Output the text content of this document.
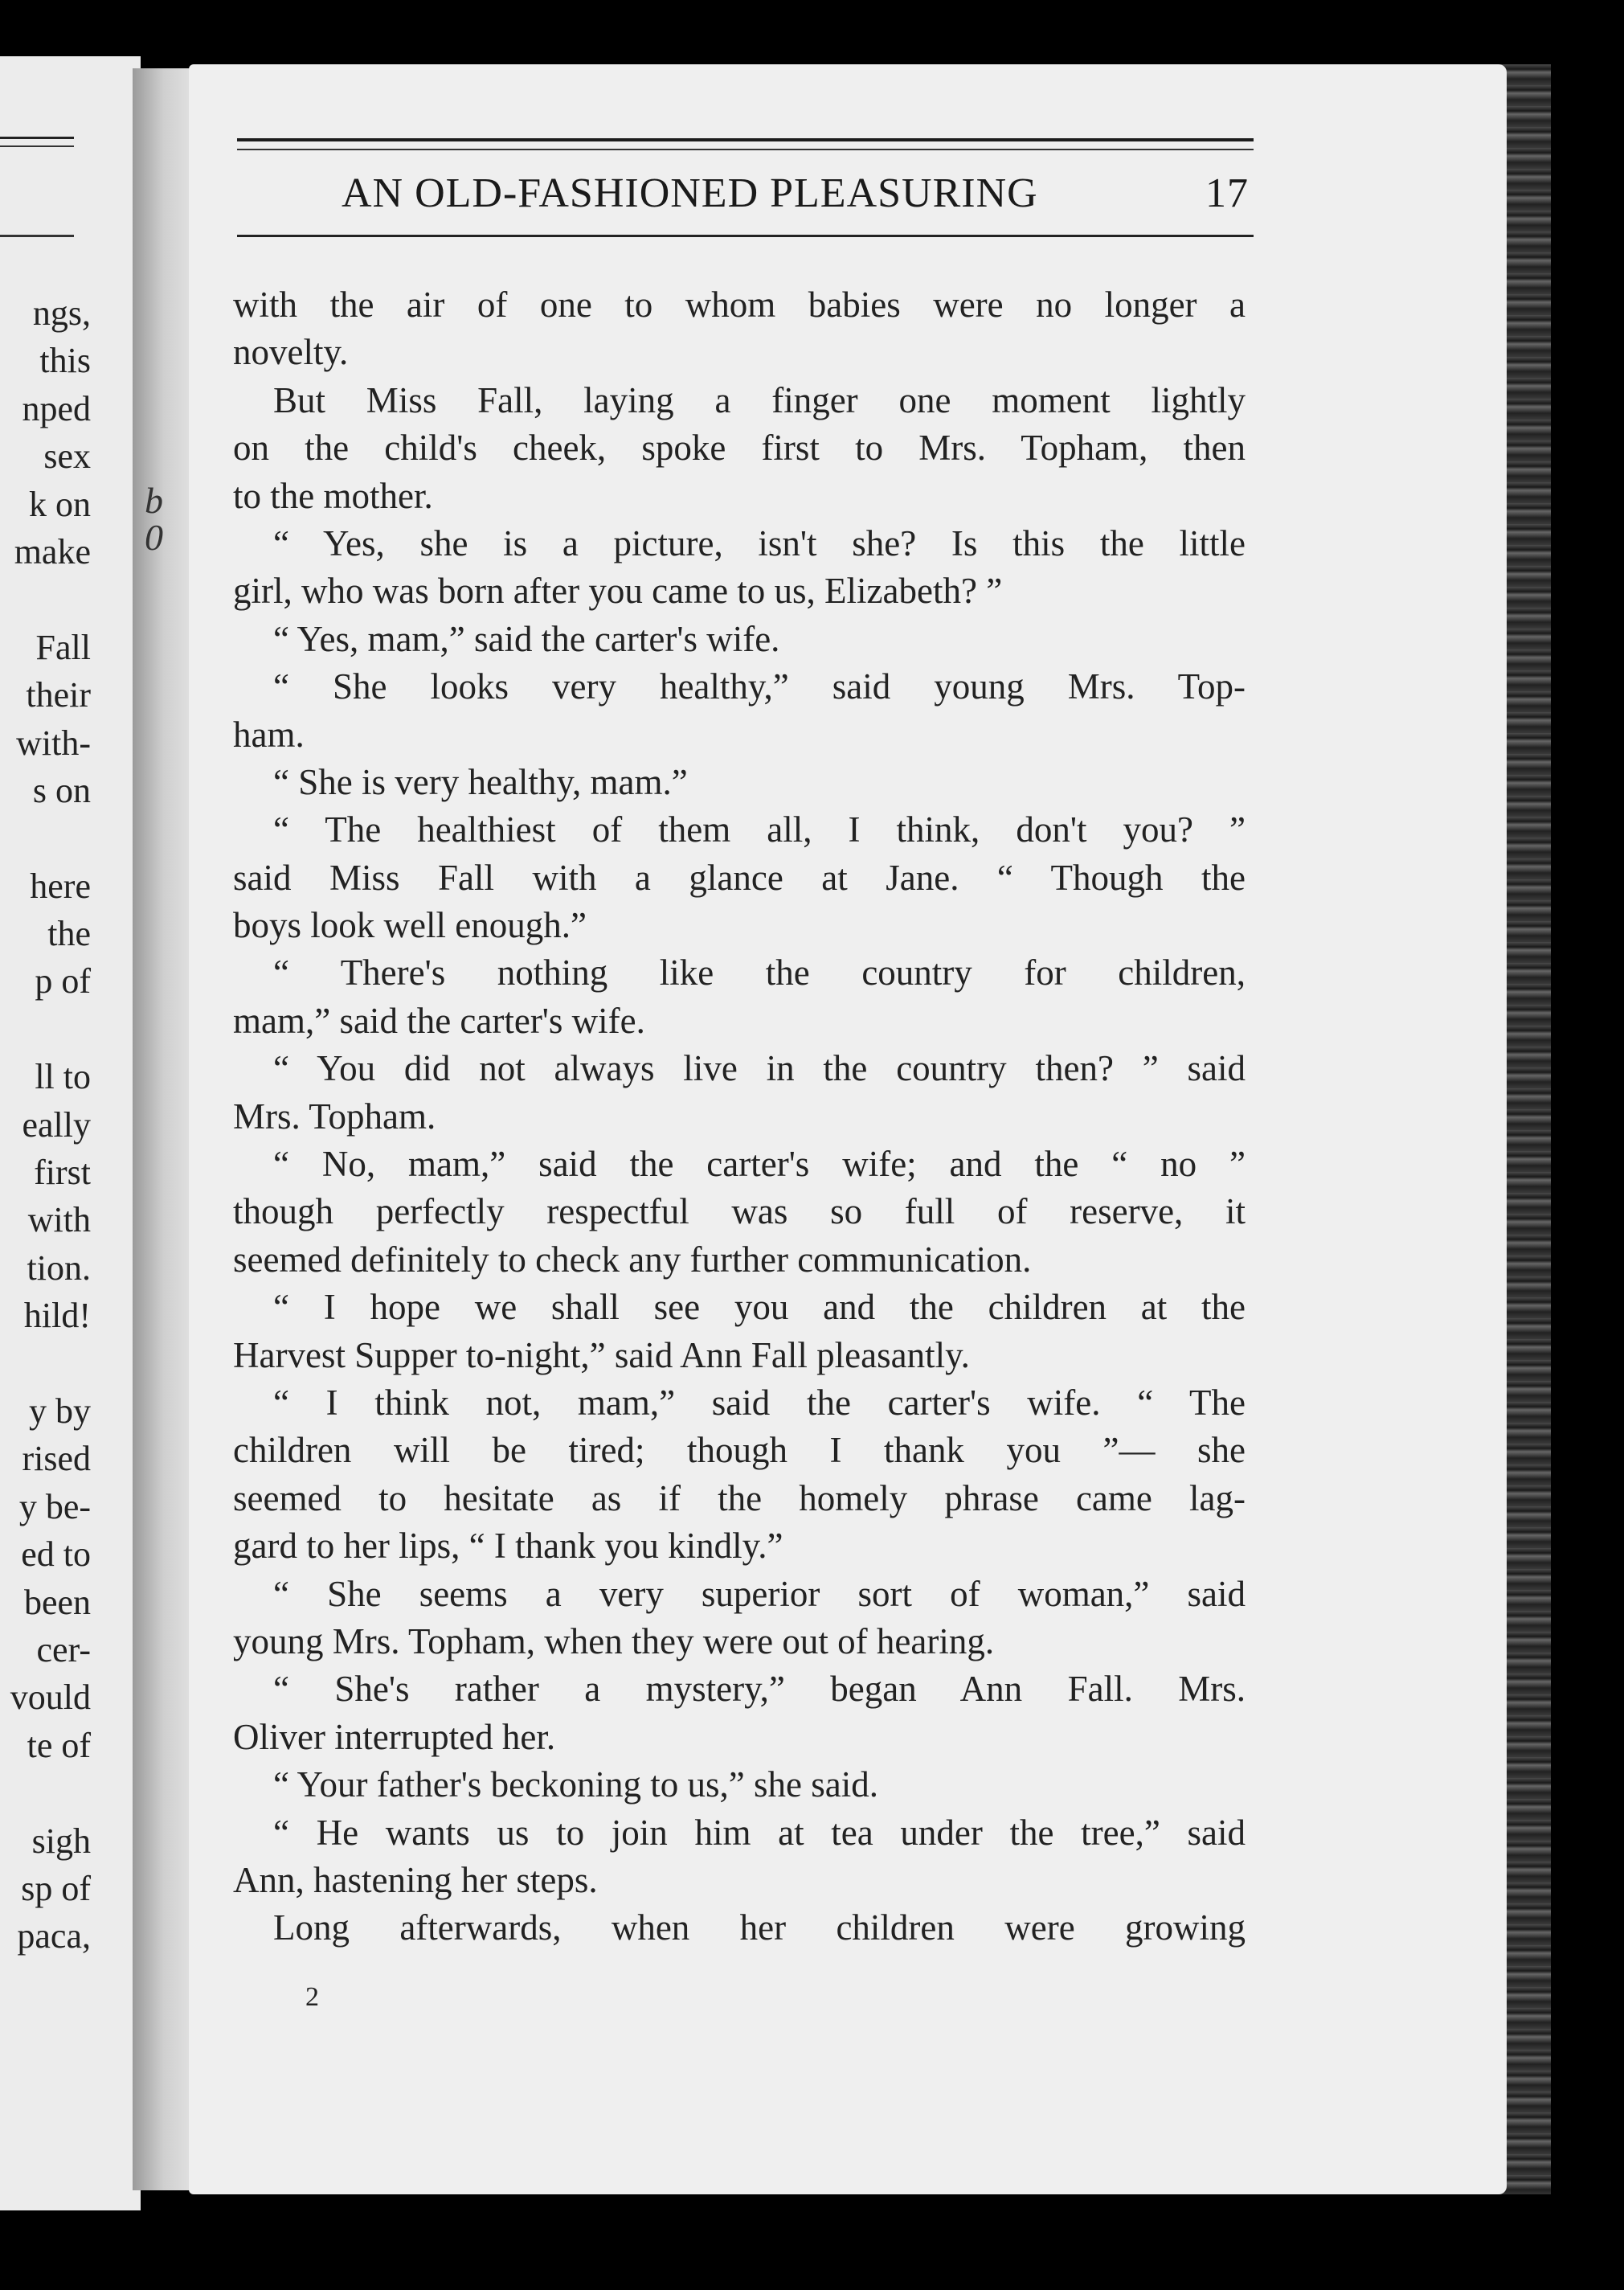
ngs,
this
nped
sex
k on
make

Fall
their
with-
s on

here
the
p of

ll to
eally
first
with
tion.
hild!

y by
rised
y be-
ed to
been
cer-
vould
te of

sigh
sp of
paca,
AN OLD-FASHIONED PLEASURING	17
b
0
with the air of one to whom babies were no longer a
novelty.
But Miss Fall, laying a finger one moment lightly
on the child's cheek, spoke first to Mrs. Topham, then
to the mother.
“ Yes, she is a picture, isn't she? Is this the little
girl, who was born after you came to us, Elizabeth? ”
“ Yes, mam,” said the carter's wife.
“ She looks very healthy,” said young Mrs. Top-
ham.
“ She is very healthy, mam.”
“ The healthiest of them all, I think, don't you? ”
said Miss Fall with a glance at Jane. “ Though the
boys look well enough.”
“ There's nothing like the country for children,
mam,” said the carter's wife.
“ You did not always live in the country then? ” said
Mrs. Topham.
“ No, mam,” said the carter's wife; and the “ no ”
though perfectly respectful was so full of reserve, it
seemed definitely to check any further communication.
“ I hope we shall see you and the children at the
Harvest Supper to-night,” said Ann Fall pleasantly.
“ I think not, mam,” said the carter's wife. “ The
children will be tired; though I thank you ”— she
seemed to hesitate as if the homely phrase came lag-
gard to her lips, “ I thank you kindly.”
“ She seems a very superior sort of woman,” said
young Mrs. Topham, when they were out of hearing.
“ She's rather a mystery,” began Ann Fall. Mrs.
Oliver interrupted her.
“ Your father's beckoning to us,” she said.
“ He wants us to join him at tea under the tree,” said
Ann, hastening her steps.
Long afterwards, when her children were growing
2
